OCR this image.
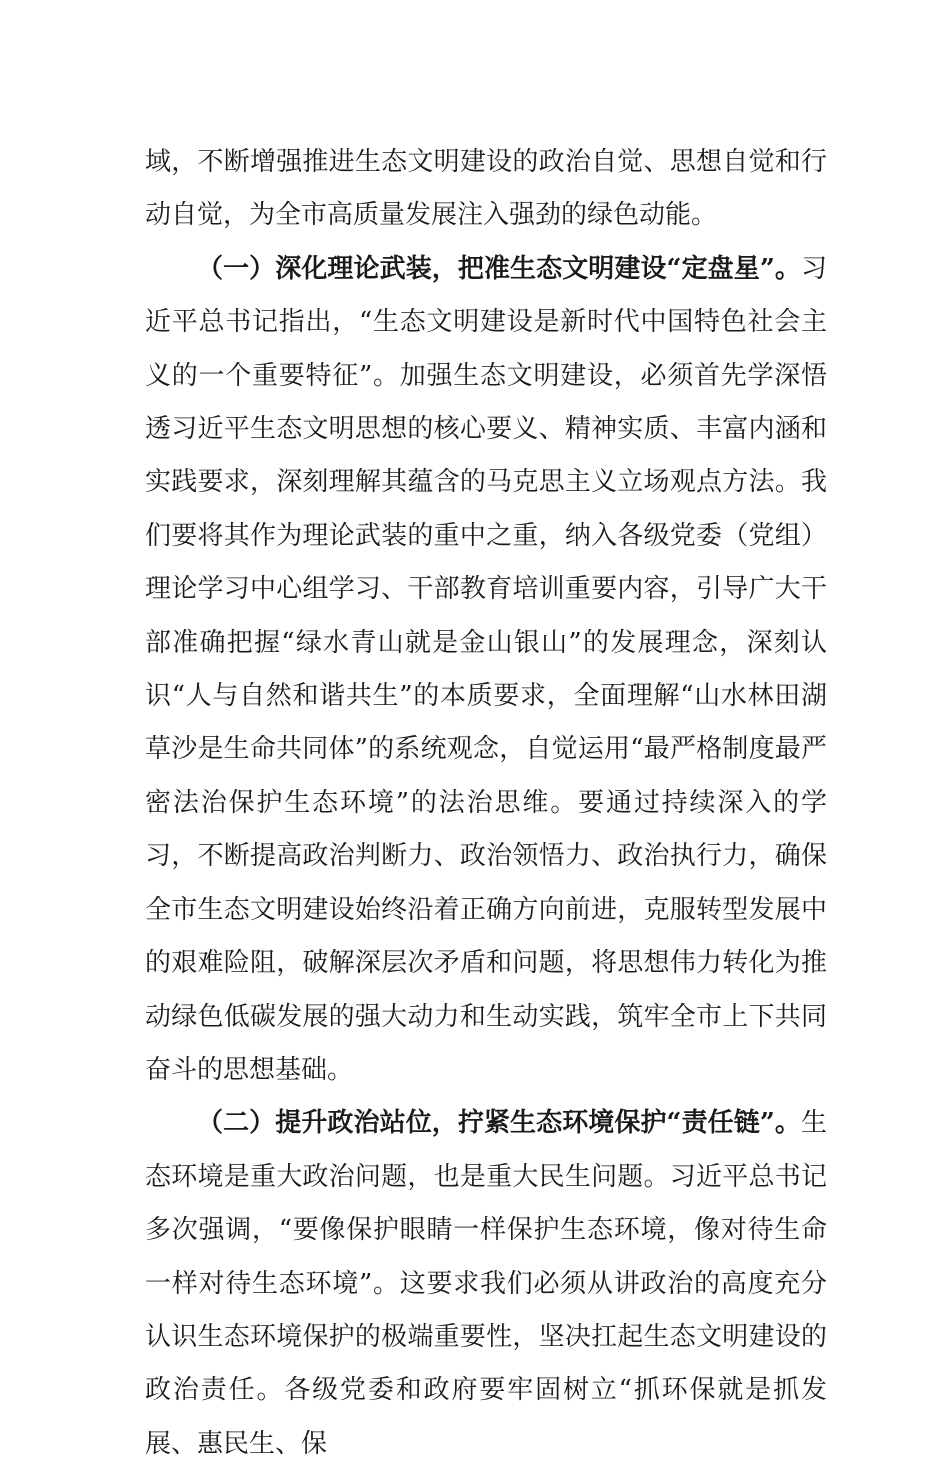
域，不断增强推进生态文明建设的政治自觉、思想自觉和行动自觉，为全市高质量发展注入强劲的绿色动能。

（一）深化理论武装，把准生态文明建设“定盘星”。习近平总书记指出，“生态文明建设是新时代中国特色社会主义的一个重要特征”。加强生态文明建设，必须首先学深悟透习近平生态文明思想的核心要义、精神实质、丰富内涵和实践要求，深刻理解其蕴含的马克思主义立场观点方法。我们要将其作为理论武装的重中之重，纳入各级党委（党组）理论学习中心组学习、干部教育培训重要内容，引导广大干部准确把握“绿水青山就是金山银山”的发展理念，深刻认识“人与自然和谐共生”的本质要求，全面理解“山水林田湖草沙是生命共同体”的系统观念，自觉运用“最严格制度最严密法治保护生态环境”的法治思维。要通过持续深入的学习，不断提高政治判断力、政治领悟力、政治执行力，确保全市生态文明建设始终沿着正确方向前进，克服转型发展中的艰难险阻，破解深层次矛盾和问题，将思想伟力转化为推动绿色低碳发展的强大动力和生动实践，筑牢全市上下共同奋斗的思想基础。

（二）提升政治站位，拧紧生态环境保护“责任链”。生态环境是重大政治问题，也是重大民生问题。习近平总书记多次强调，“要像保护眼睛一样保护生态环境，像对待生命一样对待生态环境”。这要求我们必须从讲政治的高度充分认识生态环境保护的极端重要性，坚决扛起生态文明建设的政治责任。各级党委和政府要牢固树立“抓环保就是抓发展、惠民生、保
